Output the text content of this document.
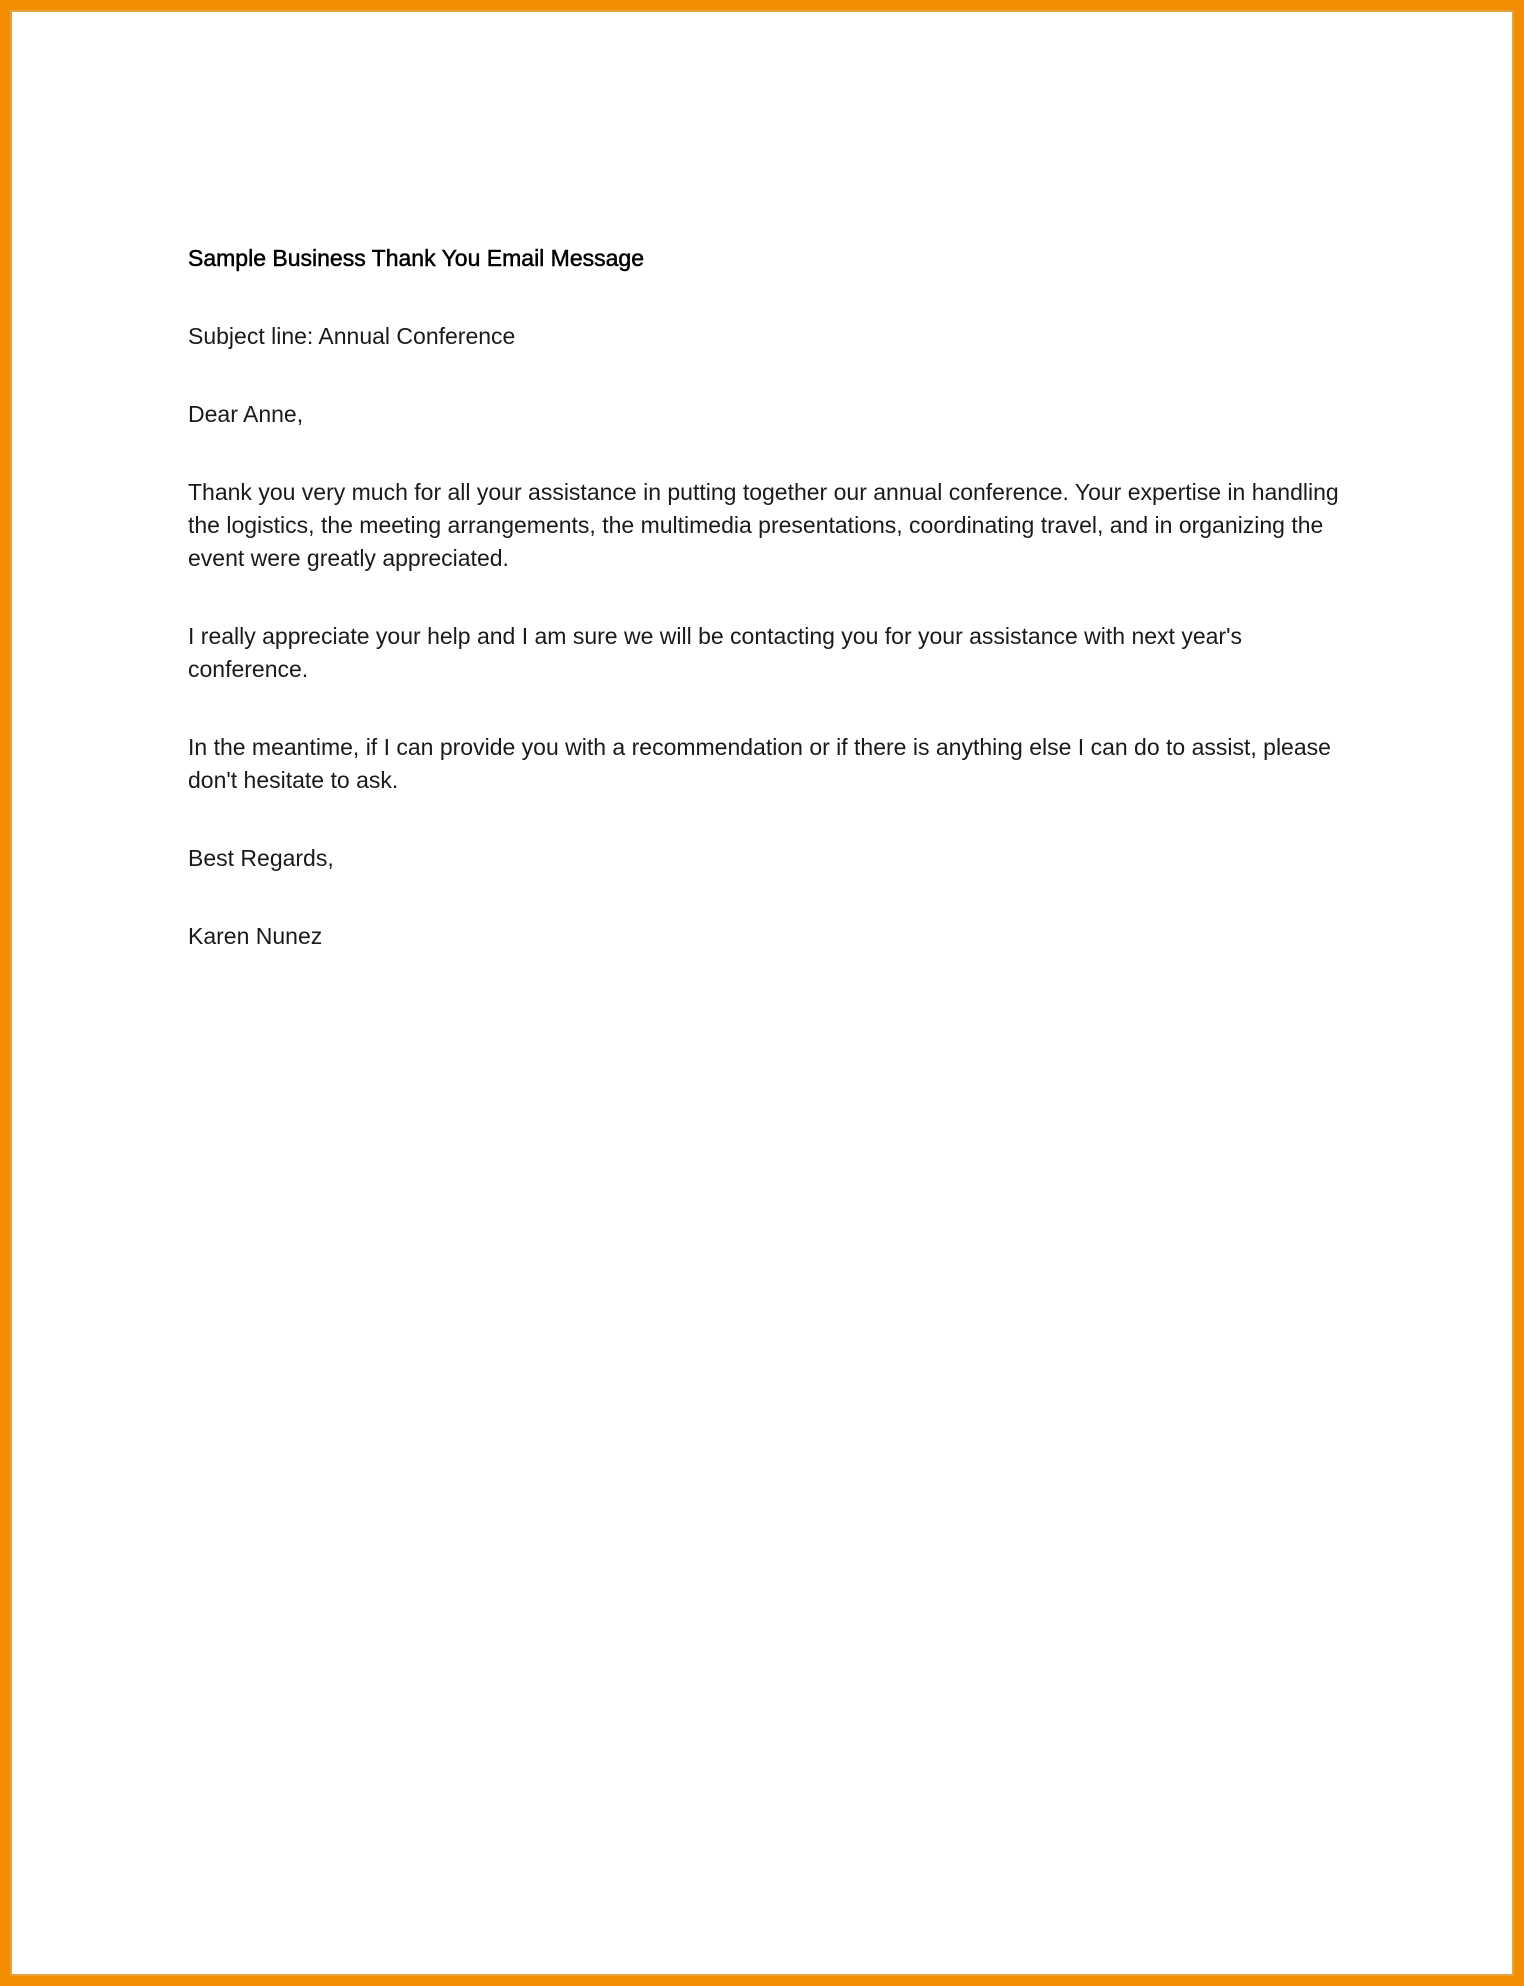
Sample Business Thank You Email Message

Subject line: Annual Conference

Dear Anne,

Thank you very much for all your assistance in putting together our annual conference. Your expertise in handling the logistics, the meeting arrangements, the multimedia presentations, coordinating travel, and in organizing the event were greatly appreciated.

I really appreciate your help and I am sure we will be contacting you for your assistance with next year's conference.

In the meantime, if I can provide you with a recommendation or if there is anything else I can do to assist, please don't hesitate to ask.

Best Regards,

Karen Nunez
